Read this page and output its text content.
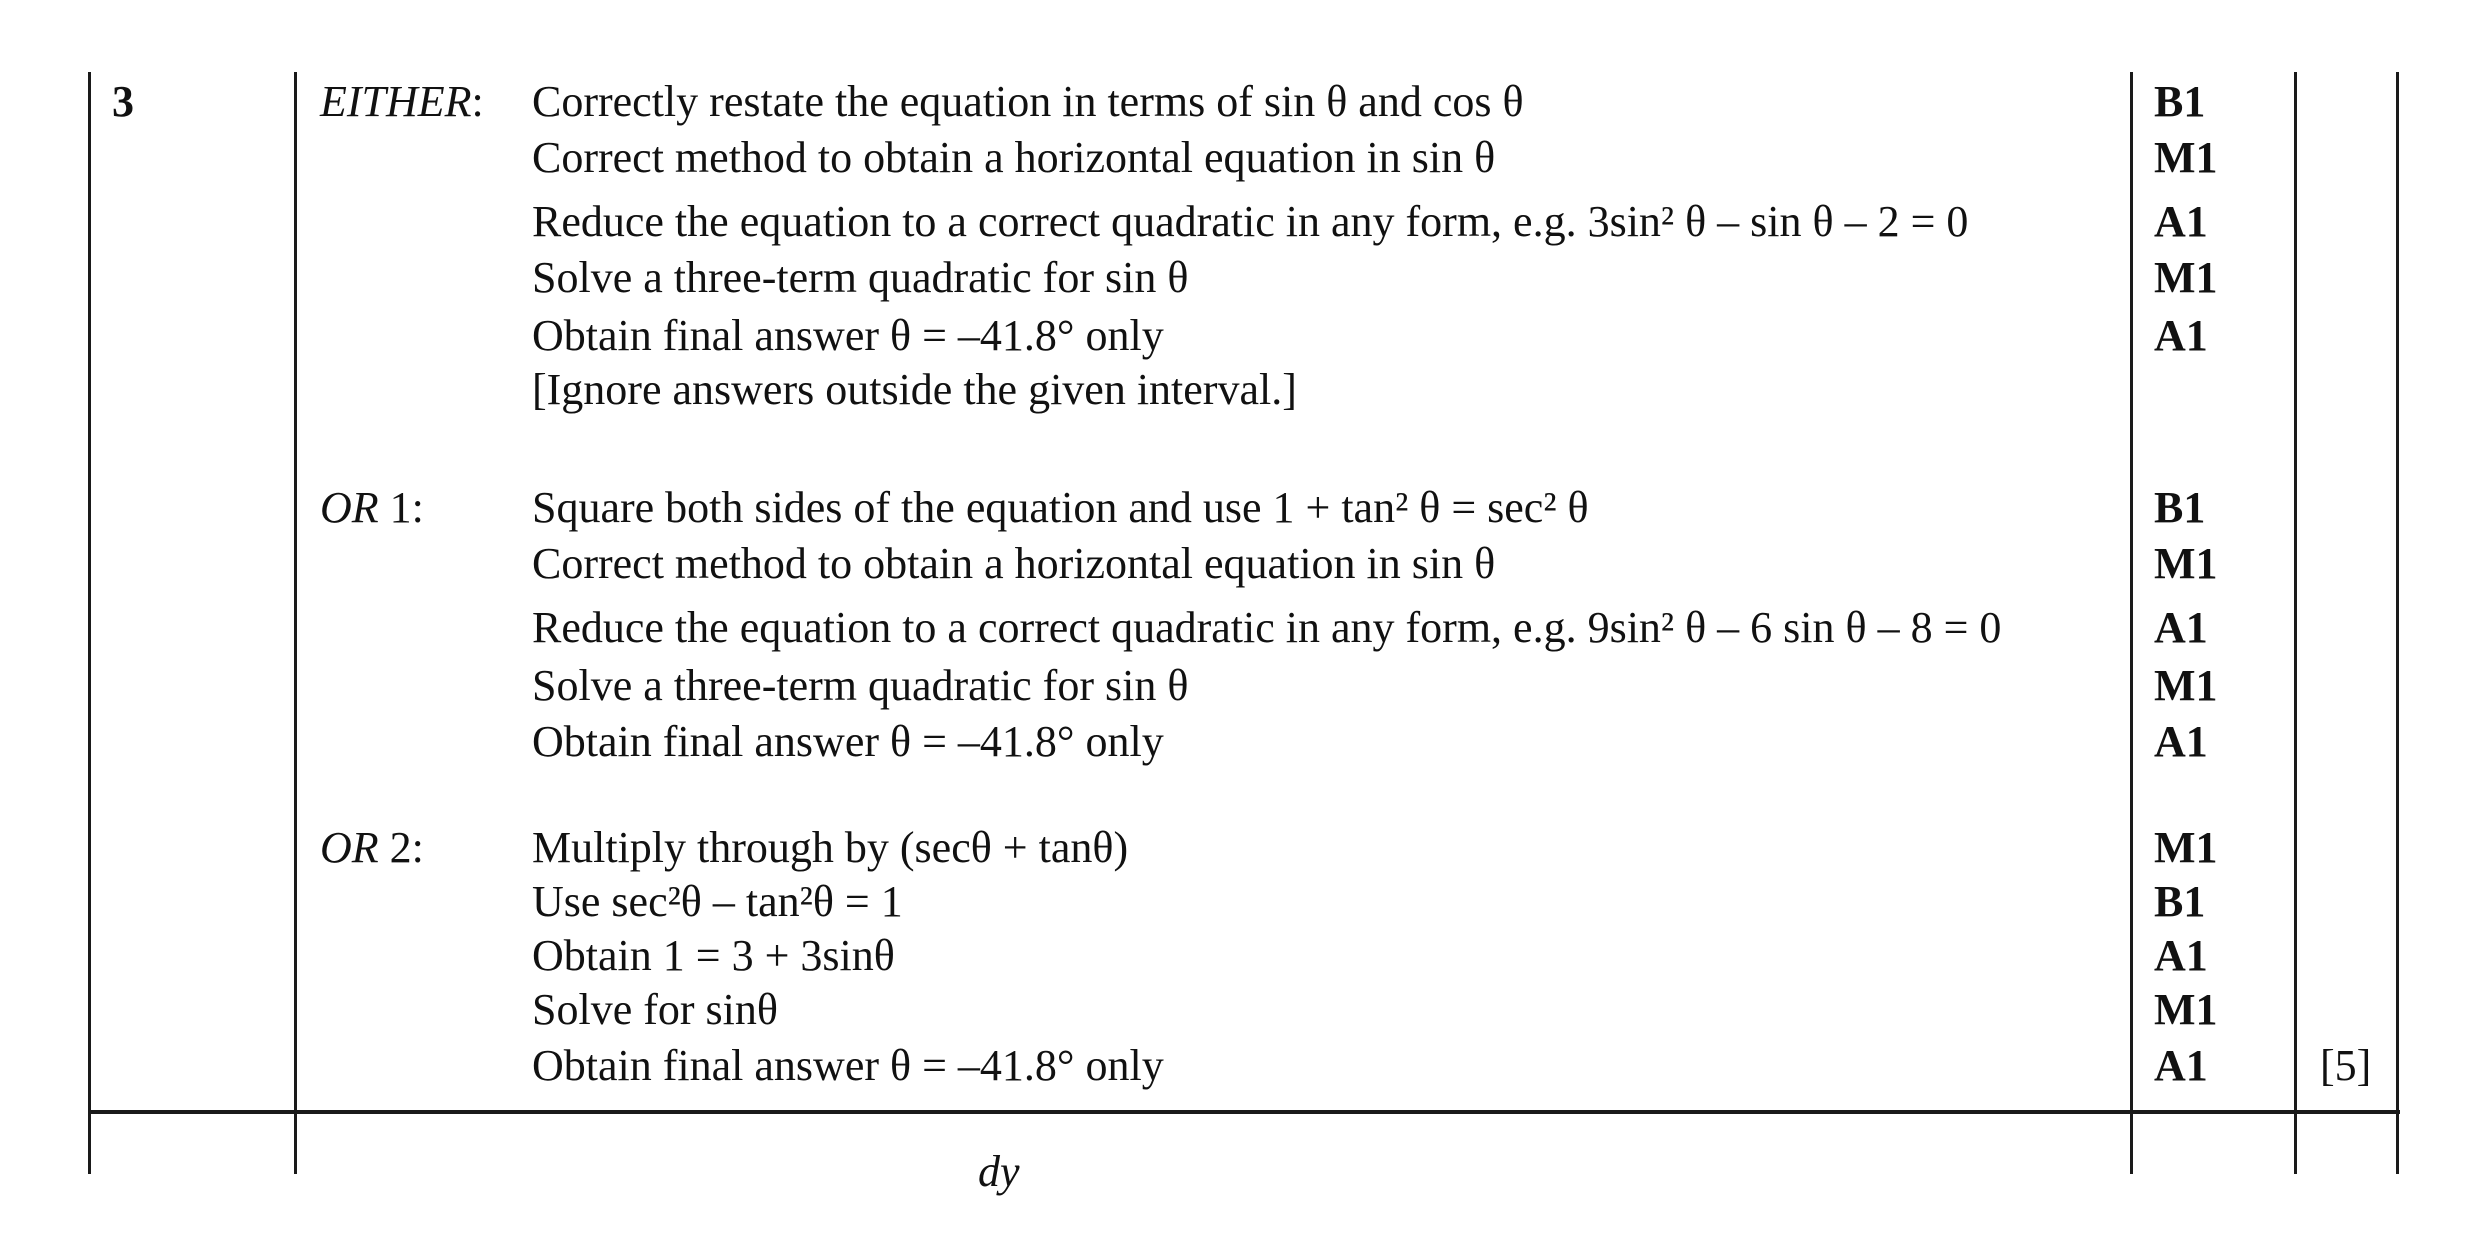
3	EITHER: Correctly restate the equation in terms of sin θ and cos θ
Correct method to obtain a horizontal equation in sin θ
Reduce the equation to a correct quadratic in any form, e.g. 3sin² θ – sin θ – 2 = 0
Solve a three-term quadratic for sin θ
Obtain final answer θ = –41.8° only
[Ignore answers outside the given interval.]
B1
M1
A1
M1
A1
OR 1: Square both sides of the equation and use 1 + tan² θ = sec² θ
Correct method to obtain a horizontal equation in sin θ
Reduce the equation to a correct quadratic in any form, e.g. 9sin² θ – 6 sin θ – 8 = 0
Solve a three-term quadratic for sin θ
Obtain final answer θ = –41.8° only
B1
M1
A1
M1
A1
OR 2: Multiply through by (secθ + tanθ)
Use sec²θ – tan²θ = 1
Obtain 1 = 3 + 3sinθ
Solve for sinθ
Obtain final answer θ = –41.8° only
M1
B1
A1
M1
A1	[5]
dy
